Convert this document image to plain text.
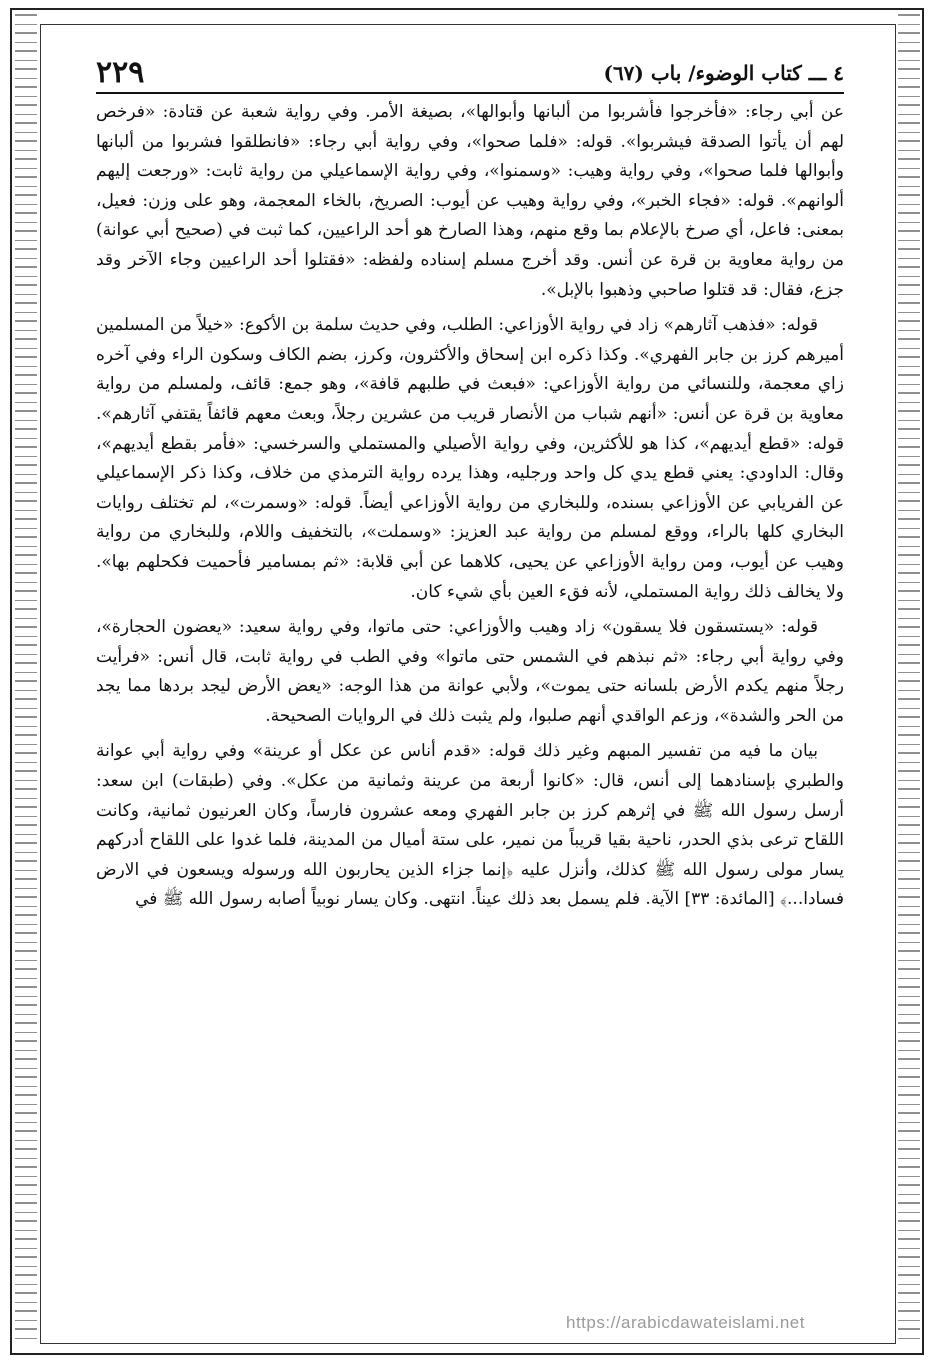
٢٢٩	٤ ـــ كتاب الوضوء/ باب (٦٧)

عن أبي رجاء: «فأخرجوا فأُشربوا من ألبانها وأبوالها»، بصيغة الأمر. وفي رواية شعبة عن قتادة: «فرخص لهم أن يأتوا الصدقة فيشربوا». قوله: «فلما صحوا»، وفي رواية أبي رجاء: «فانطلقوا فشربوا من ألبانها وأبوالها فلما صحوا»، وفي رواية وهيب: «وسمنوا»، وفي رواية الإسماعيلي من رواية ثابت: «ورجعت إليهم ألوانهم». قوله: «فجاء الخبر»، وفي رواية وهيب عن أيوب: الصريخ، بالخاء المعجمة، وهو على وزن: فعيل، بمعنى: فاعل، أي صرخ بالإعلام بما وقع منهم، وهذا الصارخ هو أحد الراعيين، كما ثبت في (صحيح أبي عوانة) من رواية معاوية بن قرة عن أنس. وقد أخرج مسلم إسناده ولفظه: «فقتلوا أحد الراعيين وجاء الآخر وقد جزع، فقال: قد قتلوا صاحبي وذهبوا بالإبل».

قوله: «فذهب آثارهم» زاد في رواية الأوزاعي: الطلب، وفي حديث سلمة بن الأكوع: «خيلاً من المسلمين أميرهم كرز بن جابر الفهري». وكذا ذكره ابن إسحاق والأكثرون، وكرز، بضم الكاف وسكون الراء وفي آخره زاي معجمة، وللنسائي من رواية الأوزاعي: «فبعث في طلبهم قافة»، وهو جمع: قائف، ولمسلم من رواية معاوية بن قرة عن أنس: «أنهم شباب من الأنصار قريب من عشرين رجلاً، وبعث معهم قائفاً يقتفي آثارهم». قوله: «قطع أيديهم»، كذا هو للأكثرين، وفي رواية الأصيلي والمستملي والسرخسي: «فأمر بقطع أيديهم»، وقال: الداودي: يعني قطع يدي كل واحد ورجليه، وهذا يرده رواية الترمذي من خلاف، وكذا ذكر الإسماعيلي عن الفريابي عن الأوزاعي بسنده، وللبخاري من رواية الأوزاعي أيضاً. قوله: «وسمرت»، لم تختلف روايات البخاري كلها بالراء، ووقع لمسلم من رواية عبد العزيز: «وسملت»، بالتخفيف واللام، وللبخاري من رواية وهيب عن أيوب، ومن رواية الأوزاعي عن يحيى، كلاهما عن أبي قلابة: «ثم بمسامير فأحميت فكحلهم بها». ولا يخالف ذلك رواية المستملي، لأنه فقء العين بأي شيء كان.

قوله: «يستسقون فلا يسقون» زاد وهيب والأوزاعي: حتى ماتوا، وفي رواية سعيد: «يعضون الحجارة»، وفي رواية أبي رجاء: «ثم نبذهم في الشمس حتى ماتوا» وفي الطب في رواية ثابت، قال أنس: «فرأيت رجلاً منهم يكدم الأرض بلسانه حتى يموت»، ولأبي عوانة من هذا الوجه: «يعض الأرض ليجد بردها مما يجد من الحر والشدة»، وزعم الواقدي أنهم صلبوا، ولم يثبت ذلك في الروايات الصحيحة.

بيان ما فيه من تفسير المبهم وغير ذلك قوله: «قدم أناس عن عكل أو عرينة» وفي رواية أبي عوانة والطبري بإسنادهما إلى أنس، قال: «كانوا أربعة من عرينة وثمانية من عكل». وفي (طبقات) ابن سعد: أرسل رسول الله ﷺ في إثرهم كرز بن جابر الفهري ومعه عشرون فارساً، وكان العرنيون ثمانية، وكانت اللقاح ترعى بذي الحدر، ناحية بقيا قريباً من نمير، على ستة أميال من المدينة، فلما غدوا على اللقاح أدركهم يسار مولى رسول الله ﷺ كذلك، وأنزل عليه ﴿إنما جزاء الذين يحاربون الله ورسوله ويسعون في الارض فسادا...﴾ [المائدة: ٣٣] الآية. فلم يسمل بعد ذلك عيناً. انتهى. وكان يسار نوبياً أصابه رسول الله ﷺ في

https://arabicdawateislami.net
